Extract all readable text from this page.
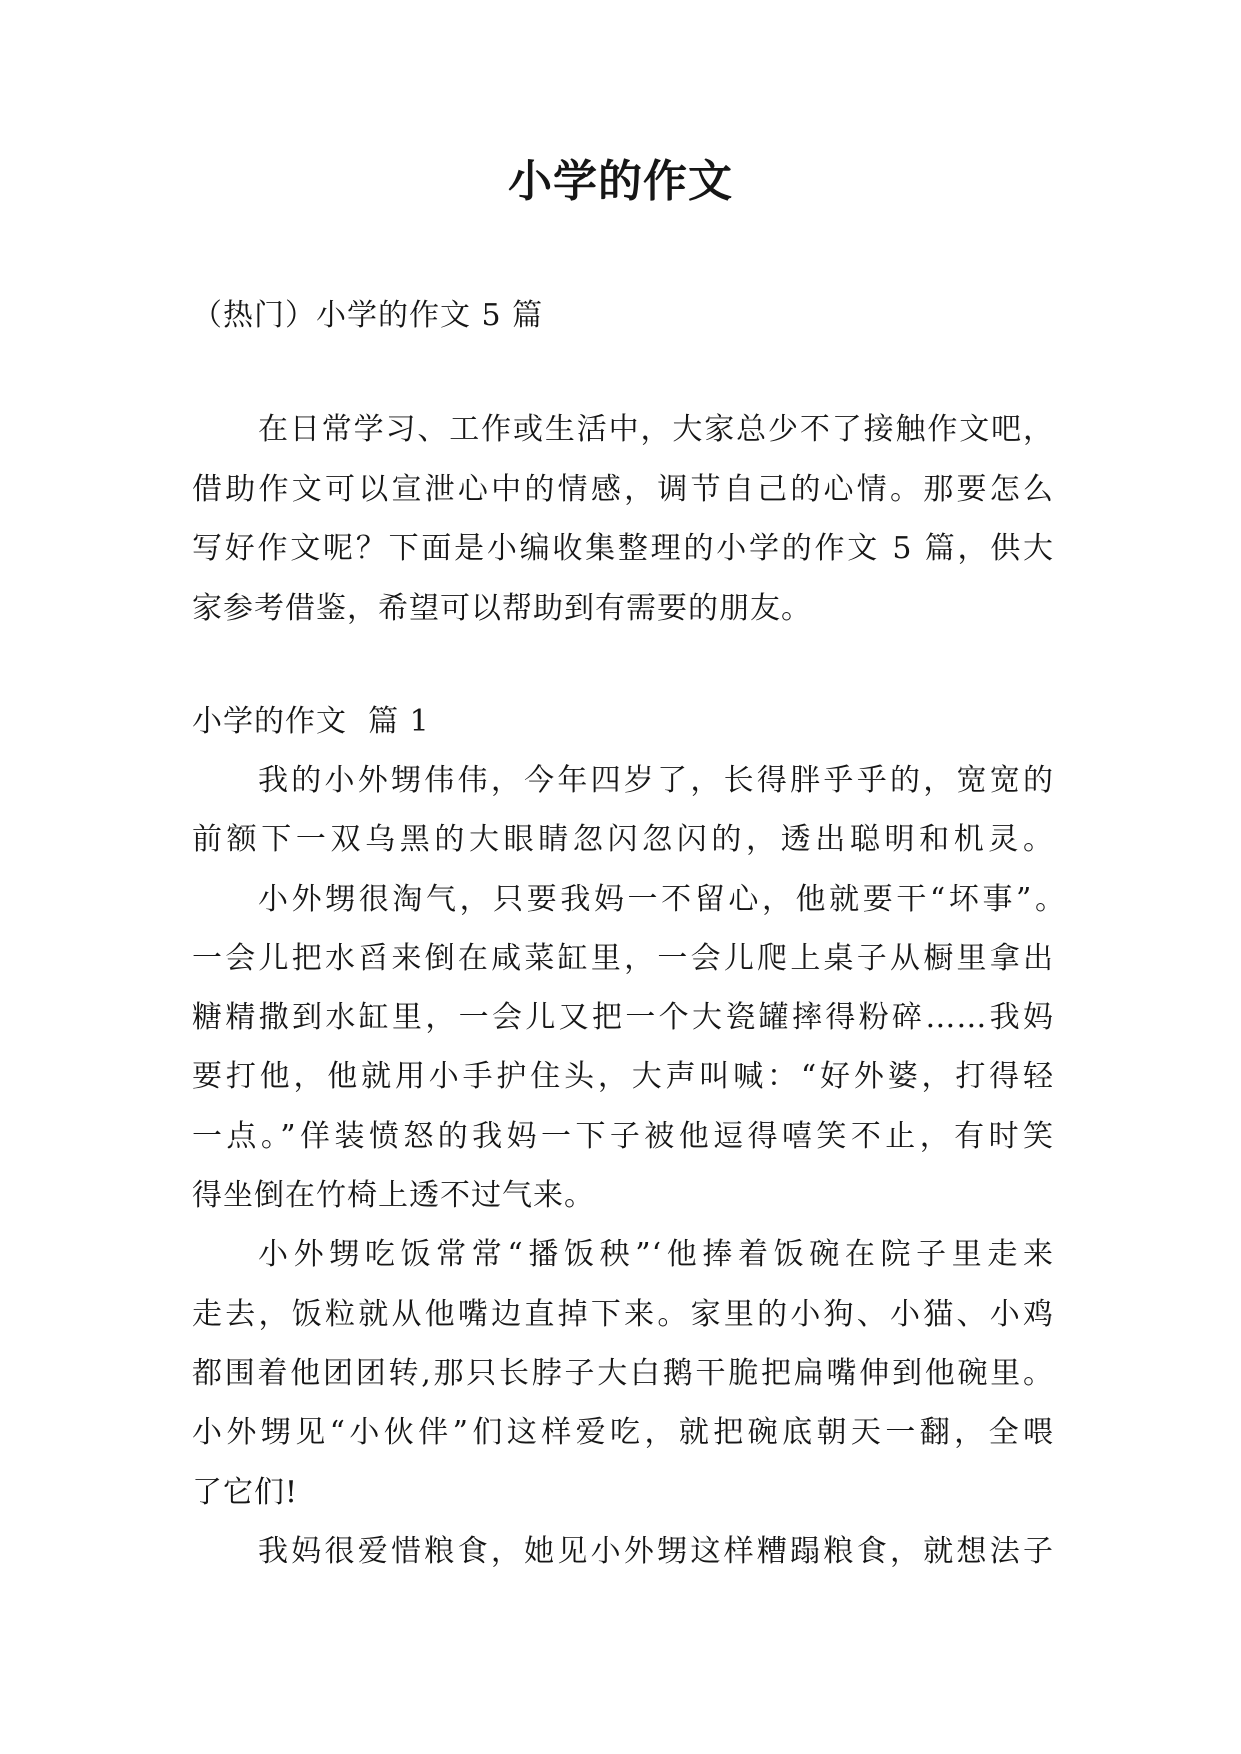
小学的作文
（热门）小学的作文 5 篇
在日常学习、工作或生活中，大家总少不了接触作文吧，
借助作文可以宣泄心中的情感，调节自己的心情。那要怎么
写好作文呢？下面是小编收集整理的小学的作文 5 篇，供大
家参考借鉴，希望可以帮助到有需要的朋友。
小学的作文  篇 1
我的小外甥伟伟，今年四岁了，长得胖乎乎的，宽宽的
前额下一双乌黑的大眼睛忽闪忽闪的，透出聪明和机灵。
小外甥很淘气，只要我妈一不留心，他就要干“坏事”。
一会儿把水舀来倒在咸菜缸里，一会儿爬上桌子从橱里拿出
糖精撒到水缸里，一会儿又把一个大瓷罐摔得粉碎……我妈
要打他，他就用小手护住头，大声叫喊：“好外婆，打得轻
一点。”佯装愤怒的我妈一下子被他逗得嘻笑不止，有时笑
得坐倒在竹椅上透不过气来。
小外甥吃饭常常“播饭秧”‘他捧着饭碗在院子里走来
走去，饭粒就从他嘴边直掉下来。家里的小狗、小猫、小鸡
都围着他团团转,那只长脖子大白鹅干脆把扁嘴伸到他碗里。
小外甥见“小伙伴”们这样爱吃，就把碗底朝天一翻，全喂
了它们!
我妈很爱惜粮食，她见小外甥这样糟蹋粮食，就想法子
